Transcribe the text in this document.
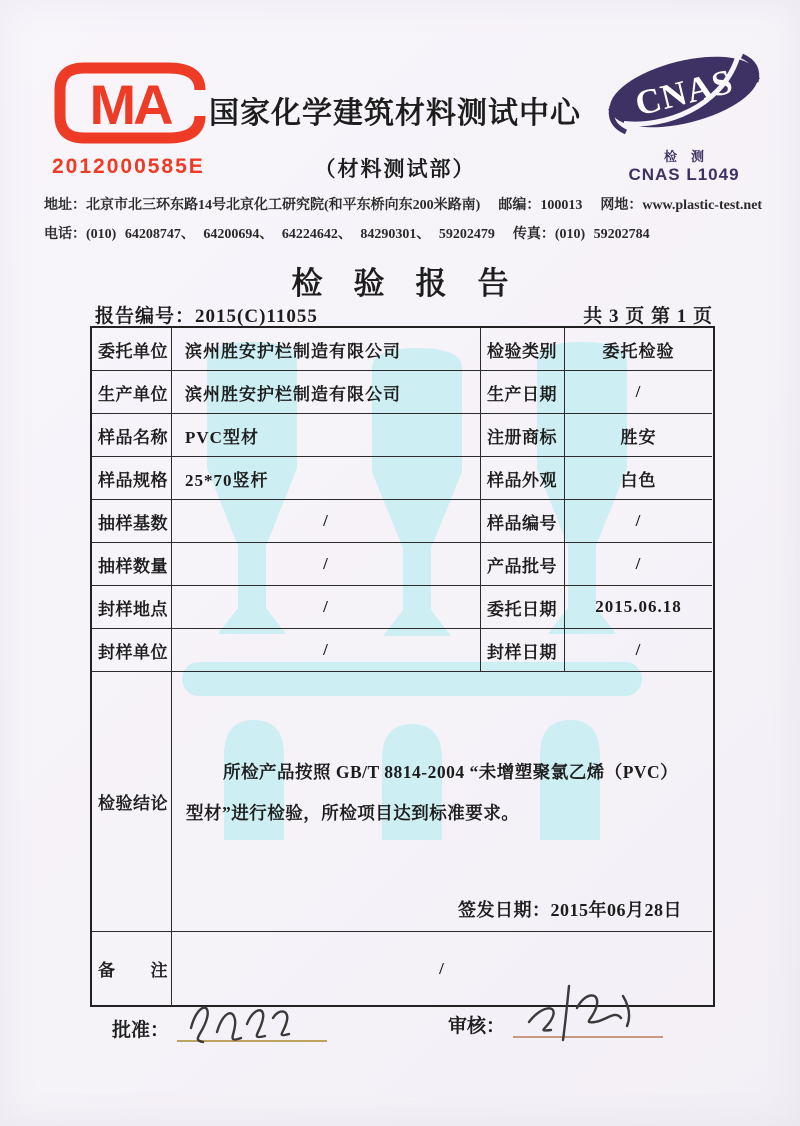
MA
2012000585E
国家化学建筑材料测试中心
（材料测试部）
CNAS
检测
CNAS L1049
地址：北京市北三环东路14号北京化工研究院(和平东桥向东200米路南) 邮编：100013 网地：www.plastic-test.net
电话：(010) 64208747、 64200694、 64224642、 84290301、 59202479 传真：(010) 59202784
检　验　报　告
报告编号：2015(C)11055	共 3 页 第 1 页
委托单位	滨州胜安护栏制造有限公司	检验类别	委托检验
生产单位	滨州胜安护栏制造有限公司	生产日期	/
样品名称	PVC型材	注册商标	胜安
样品规格	25*70竖杆	样品外观	白色
抽样基数	/	样品编号	/
抽样数量	/	产品批号	/
封样地点	/	委托日期	2015.06.18
封样单位	/	封样日期	/
检验结论
所检产品按照 GB/T 8814-2004 “未增塑聚氯乙烯（PVC）
型材”进行检验，所检项目达到标准要求。
签发日期：2015年06月28日
备　　注	/
批准：	审核：
